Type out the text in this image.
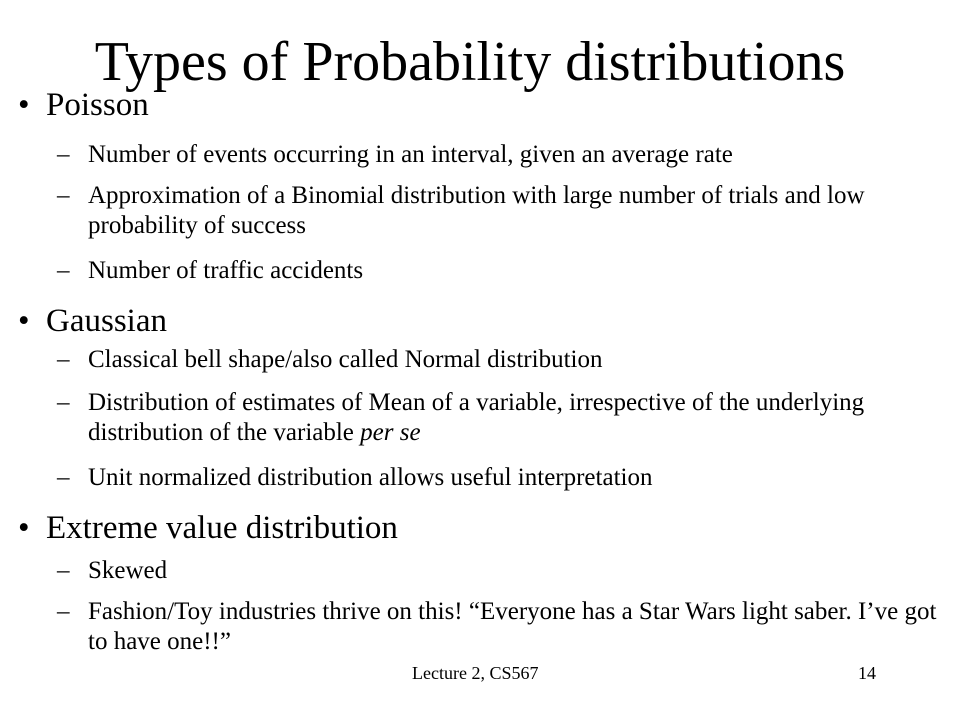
Types of Probability distributions
• Poisson
– Number of events occurring in an interval, given an average rate
– Approximation of a Binomial distribution with large number of trials and low probability of success
– Number of traffic accidents
• Gaussian
– Classical bell shape/also called Normal distribution
– Distribution of estimates of Mean of a variable, irrespective of the underlying distribution of the variable per se
– Unit normalized distribution allows useful interpretation
• Extreme value distribution
– Skewed
– Fashion/Toy industries thrive on this! “Everyone has a Star Wars light saber. I’ve got to have one!!”
Lecture 2, CS567	14
